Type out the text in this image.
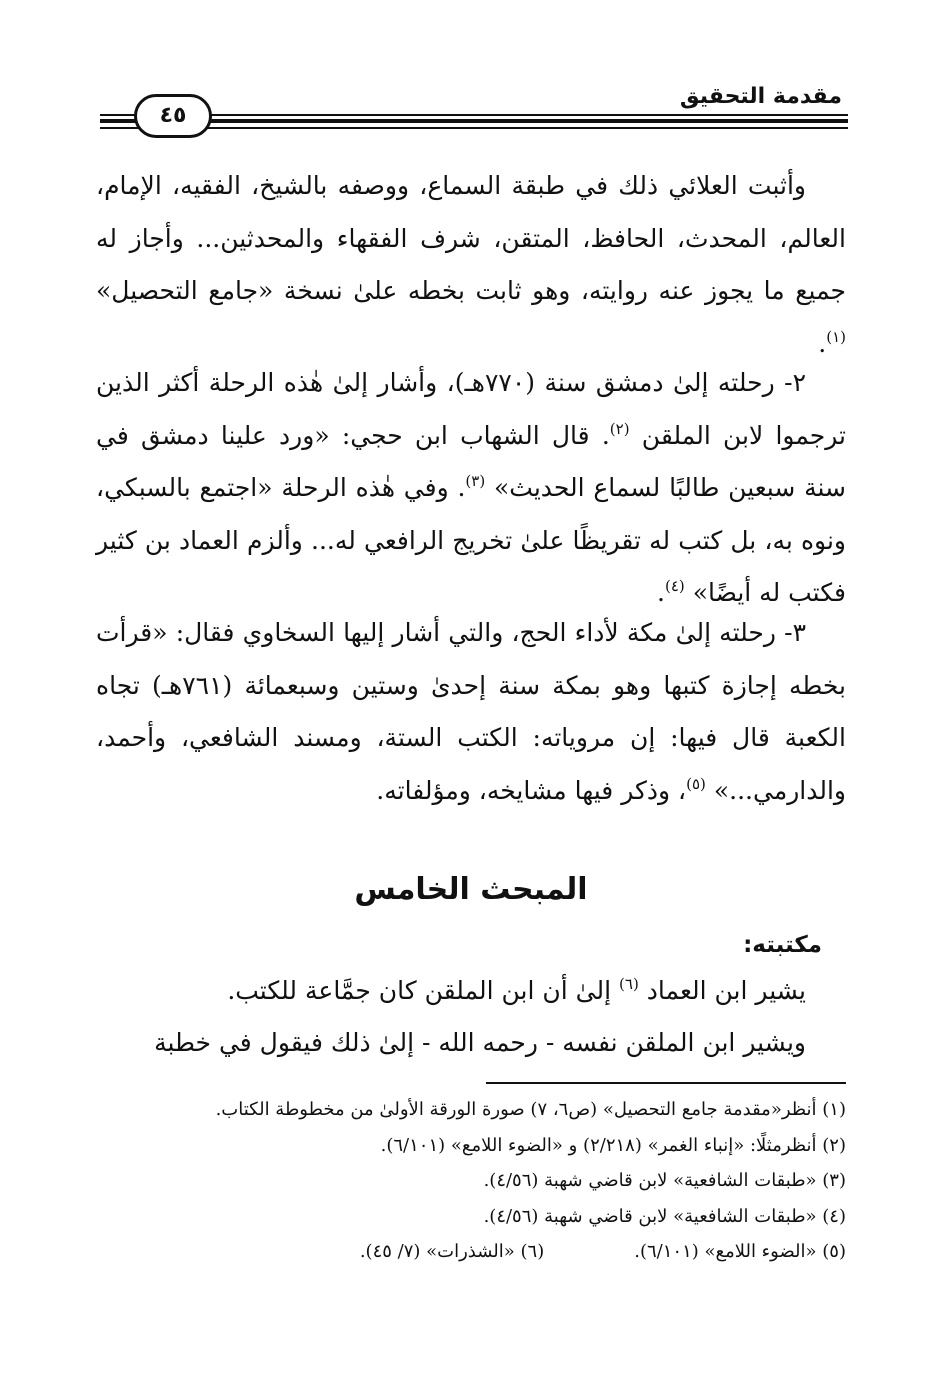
مقدمة التحقيق
٤٥

وأثبت العلائي ذلك في طبقة السماع، ووصفه بالشيخ، الفقيه، الإمام، العالم، المحدث، الحافظ، المتقن، شرف الفقهاء والمحدثين... وأجاز له جميع ما يجوز عنه روايته، وهو ثابت بخطه علىٰ نسخة «جامع التحصيل» $^{(١)}$.

٢- رحلته إلىٰ دمشق سنة (٧٧٠هـ)، وأشار إلىٰ هٰذه الرحلة أكثر الذين ترجموا لابن الملقن $^{(٢)}$. قال الشهاب ابن حجي: «ورد علينا دمشق في سنة سبعين طالبًا لسماع الحديث» $^{(٣)}$. وفي هٰذه الرحلة «اجتمع بالسبكي، ونوه به، بل كتب له تقريظًا علىٰ تخريج الرافعي له... وألزم العماد بن كثير فكتب له أيضًا» $^{(٤)}$.

٣- رحلته إلىٰ مكة لأداء الحج، والتي أشار إليها السخاوي فقال: «قرأت بخطه إجازة كتبها وهو بمكة سنة إحدىٰ وستين وسبعمائة (٧٦١هـ) تجاه الكعبة قال فيها: إن مروياته: الكتب الستة، ومسند الشافعي، وأحمد، والدارمي...» $^{(٥)}$، وذكر فيها مشايخه، ومؤلفاته.

المبحث الخامس
مكتبته:

يشير ابن العماد $^{(٦)}$ إلىٰ أن ابن الملقن كان جمَّاعة للكتب.

ويشير ابن الملقن نفسه - رحمه الله - إلىٰ ذلك فيقول في خطبة

(١) أنظر«مقدمة جامع التحصيل» (ص٦، ٧) صورة الورقة الأولىٰ من مخطوطة الكتاب.
(٢) أنظرمثلًا: «إنباء الغمر» (٢/٢١٨) و «الضوء اللامع» (٦/١٠١).
(٣) «طبقات الشافعية» لابن قاضي شهبة (٤/٥٦).
(٤) «طبقات الشافعية» لابن قاضي شهبة (٤/٥٦).
(٥) «الضوء اللامع» (٦/١٠١).(٦) «الشذرات» (٧/ ٤٥).
